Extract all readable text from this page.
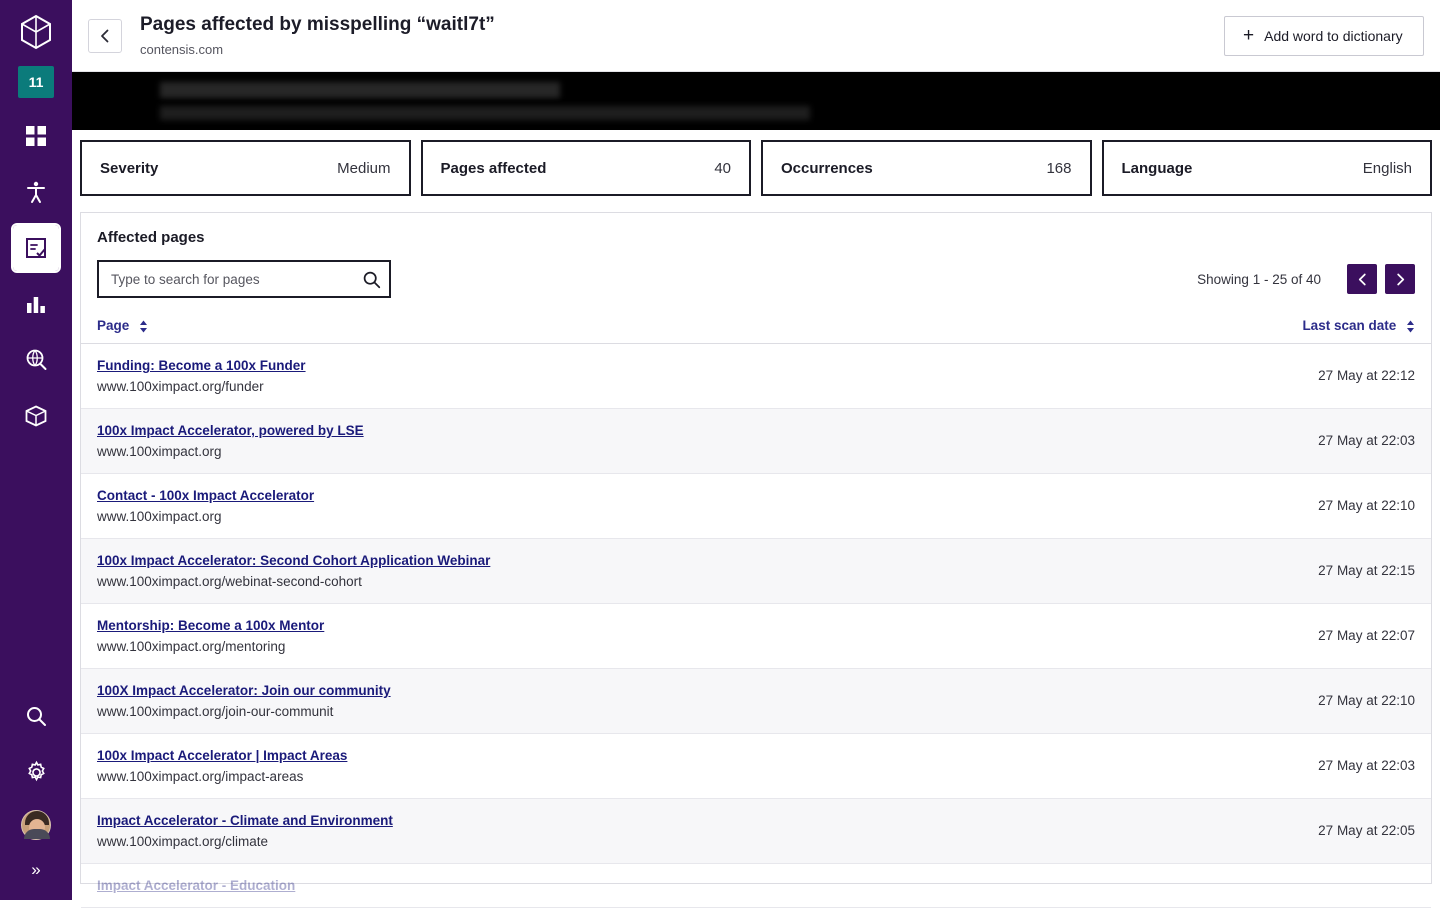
11
»
Pages affected by misspelling “waitl7t”
contensis.com
+ Add word to dictionary
Severity	Medium	Pages affected	40	Occurrences	168	Language	English
Affected pages
Type to search for pages
Showing 1 - 25 of 40
Page	Last scan date

Funding: Become a 100x Funder
www.100ximpact.org/funder	27 May at 22:12

100x Impact Accelerator, powered by LSE
www.100ximpact.org	27 May at 22:03

Contact - 100x Impact Accelerator
www.100ximpact.org	27 May at 22:10

100x Impact Accelerator: Second Cohort Application Webinar
www.100ximpact.org/webinat-second-cohort	27 May at 22:15

Mentorship: Become a 100x Mentor
www.100ximpact.org/mentoring	27 May at 22:07

100X Impact Accelerator: Join our community
www.100ximpact.org/join-our-communit	27 May at 22:10

100x Impact Accelerator | Impact Areas
www.100ximpact.org/impact-areas	27 May at 22:03

Impact Accelerator - Climate and Environment
www.100ximpact.org/climate	27 May at 22:05

Impact Accelerator - Education	
